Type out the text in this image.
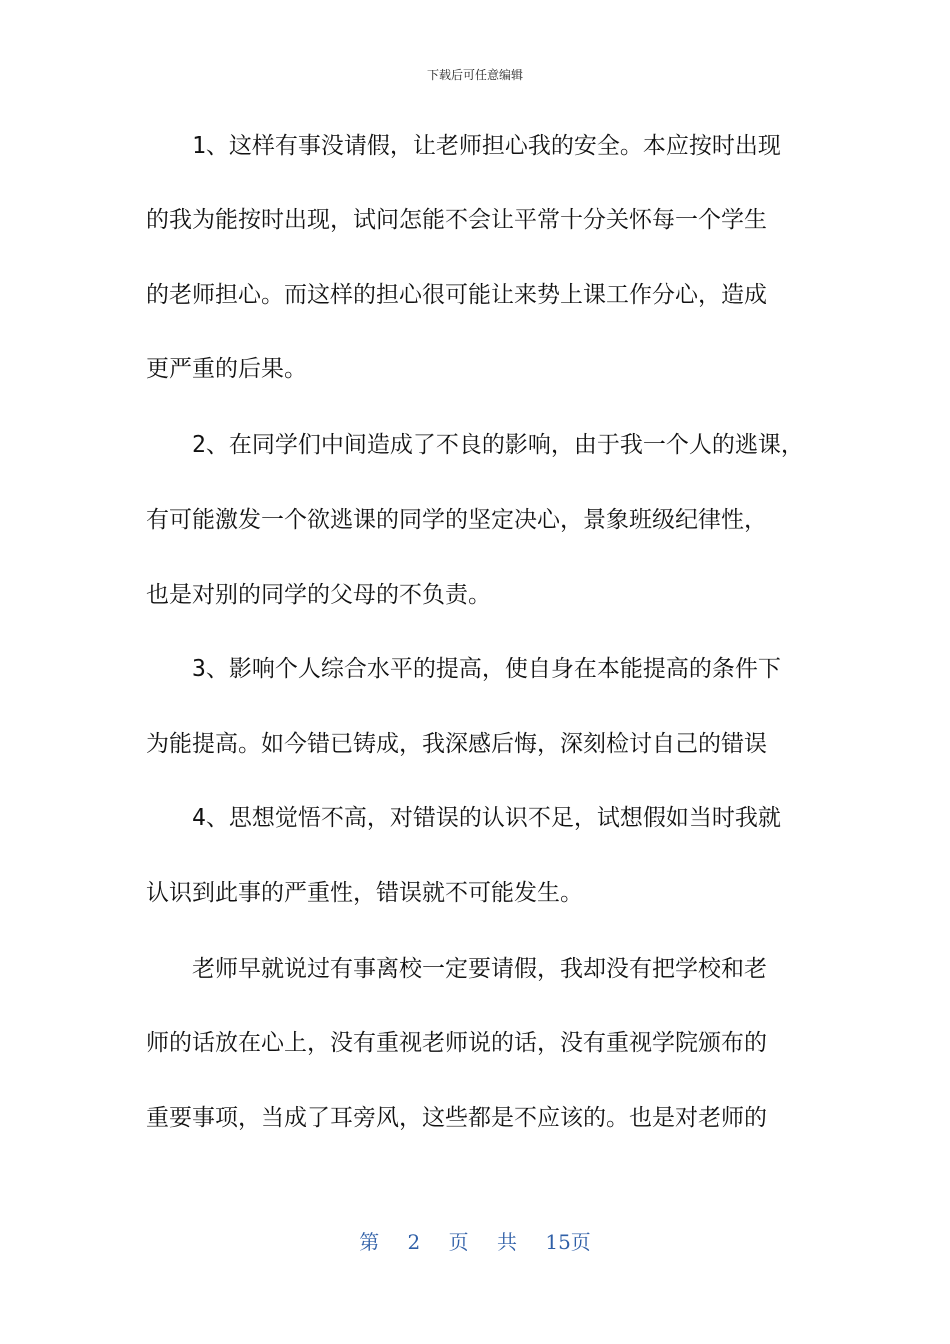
下载后可任意编辑
　　1、这样有事没请假，让老师担心我的安全。本应按时出现
的我为能按时出现，试问怎能不会让平常十分关怀每一个学生
的老师担心。而这样的担心很可能让来势上课工作分心，造成
更严重的后果。
　　2、在同学们中间造成了不良的影响，由于我一个人的逃课，
有可能激发一个欲逃课的同学的坚定决心，景象班级纪律性，
也是对别的同学的父母的不负责。
　　3、影响个人综合水平的提高，使自身在本能提高的条件下
为能提高。如今错已铸成，我深感后悔，深刻检讨自己的错误
　　4、思想觉悟不高，对错误的认识不足，试想假如当时我就
认识到此事的严重性，错误就不可能发生。
　　老师早就说过有事离校一定要请假，我却没有把学校和老
师的话放在心上，没有重视老师说的话，没有重视学院颁布的
重要事项，当成了耳旁风，这些都是不应该的。也是对老师的
第 2 页 共 15页
